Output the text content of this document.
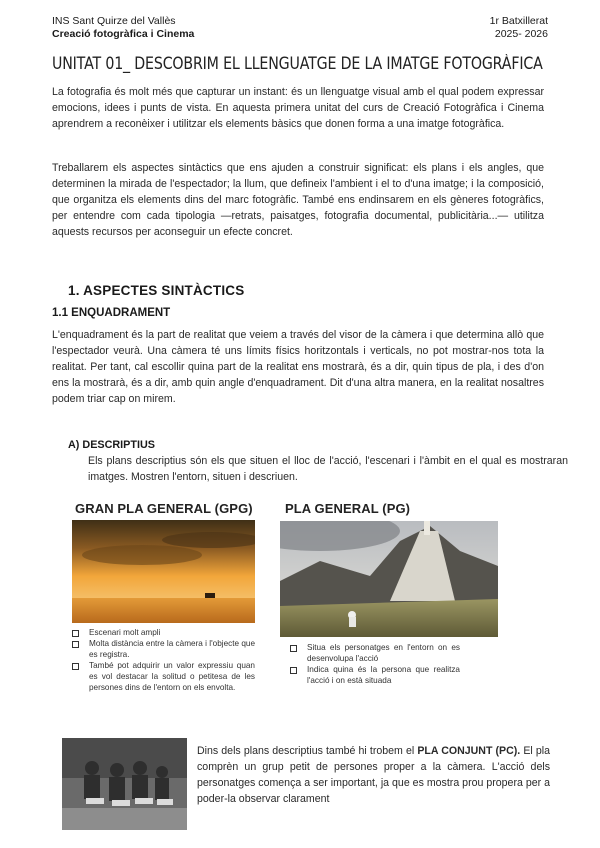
INS Sant Quirze del Vallès
Creació fotogràfica i Cinema
1r Batxillerat
2025- 2026
UNITAT 01_ DESCOBRIM EL LLENGUATGE DE LA IMATGE FOTOGRÀFICA
La fotografia és molt més que capturar un instant: és un llenguatge visual amb el qual podem expressar emocions, idees i punts de vista. En aquesta primera unitat del curs de Creació Fotogràfica i Cinema aprendrem a reconèixer i utilitzar els elements bàsics que donen forma a una imatge fotogràfica.
Treballarem els aspectes sintàctics que ens ajuden a construir significat: els plans i els angles, que determinen la mirada de l'espectador; la llum, que defineix l'ambient i el to d'una imatge; i la composició, que organitza els elements dins del marc fotogràfic. També ens endinsarem en els gèneres fotogràfics, per entendre com cada tipologia —retrats, paisatges, fotografia documental, publicitària...— utilitza aquests recursos per aconseguir un efecte concret.
1. ASPECTES SINTÀCTICS
1.1 ENQUADRAMENT
L'enquadrament és la part de realitat que veiem a través del visor de la càmera i que determina allò que l'espectador veurà. Una càmera té uns límits físics horitzontals i verticals, no pot mostrar-nos tota la realitat. Per tant, cal escollir quina part de la realitat ens mostrarà, és a dir, quin tipus de pla, i des d'on ens la mostrarà, és a dir, amb quin angle d'enquadrament. Dit d'una altra manera, en la realitat nosaltres podem triar cap on mirem.
A) DESCRIPTIUS
Els plans descriptius són els que situen el lloc de l'acció, l'escenari i l'àmbit en el qual es mostraran imatges. Mostren l'entorn, situen i descriuen.
GRAN PLA GENERAL (GPG)
Escenari molt ampli
Molta distància entre la càmera i l'objecte que es registra.
També pot adquirir un valor expressiu quan es vol destacar la solitud o petitesa de les persones dins de l'entorn on els envolta.
PLA GENERAL (PG)
Situa els personatges en l'entorn on es desenvolupa l'acció
Indica quina és la persona que realitza l'acció i on està situada
Dins dels plans descriptius també hi trobem el PLA CONJUNT (PC). El pla comprèn un grup petit de persones proper a la càmera. L'acció dels personatges comença a ser important, ja que es mostra prou propera per a poder-la observar clarament
